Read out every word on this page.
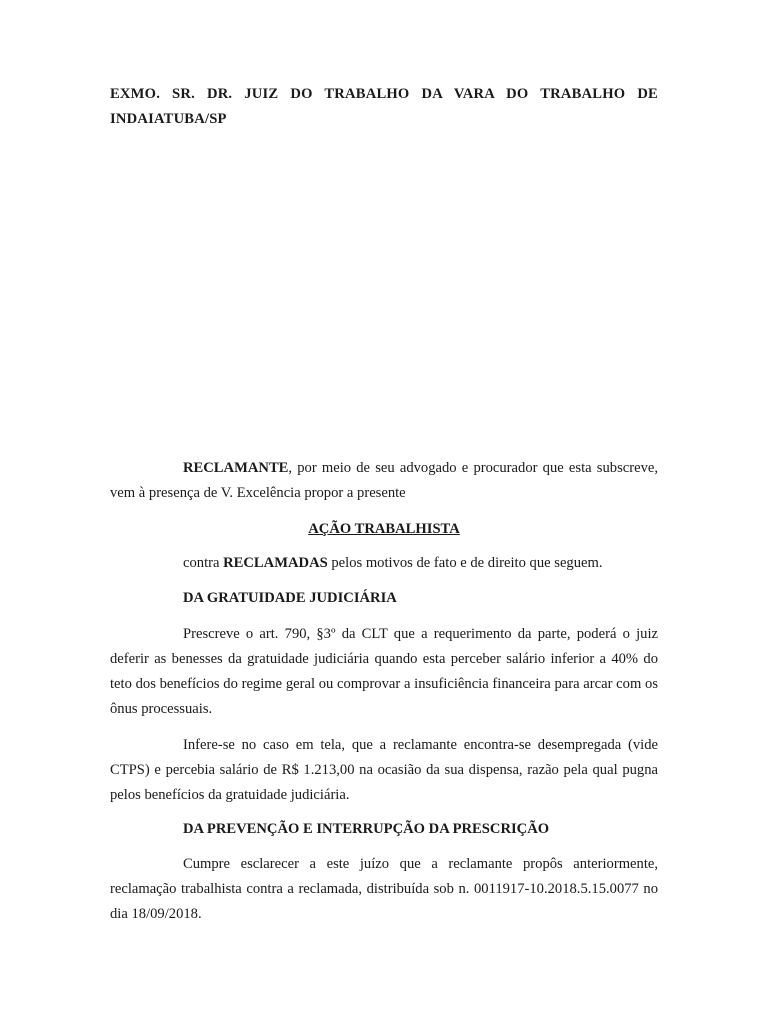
EXMO. SR. DR. JUIZ DO TRABALHO DA VARA DO TRABALHO DE
INDAIATUBA/SP

RECLAMANTE, por meio de seu advogado e procurador que esta subscreve, vem à presença de V. Excelência propor a presente

AÇÃO TRABALHISTA

contra RECLAMADAS pelos motivos de fato e de direito que seguem.

DA GRATUIDADE JUDICIÁRIA

Prescreve o art. 790, §3º da CLT que a requerimento da parte, poderá o juiz deferir as benesses da gratuidade judiciária quando esta perceber salário inferior a 40% do teto dos benefícios do regime geral ou comprovar a insuficiência financeira para arcar com os ônus processuais.

Infere-se no caso em tela, que a reclamante encontra-se desempregada (vide CTPS) e percebia salário de R$ 1.213,00 na ocasião da sua dispensa, razão pela qual pugna pelos benefícios da gratuidade judiciária.

DA PREVENÇÃO E INTERRUPÇÃO DA PRESCRIÇÃO

Cumpre esclarecer a este juízo que a reclamante propôs anteriormente, reclamação trabalhista contra a reclamada, distribuída sob n. 0011917-10.2018.5.15.0077 no dia 18/09/2018.
